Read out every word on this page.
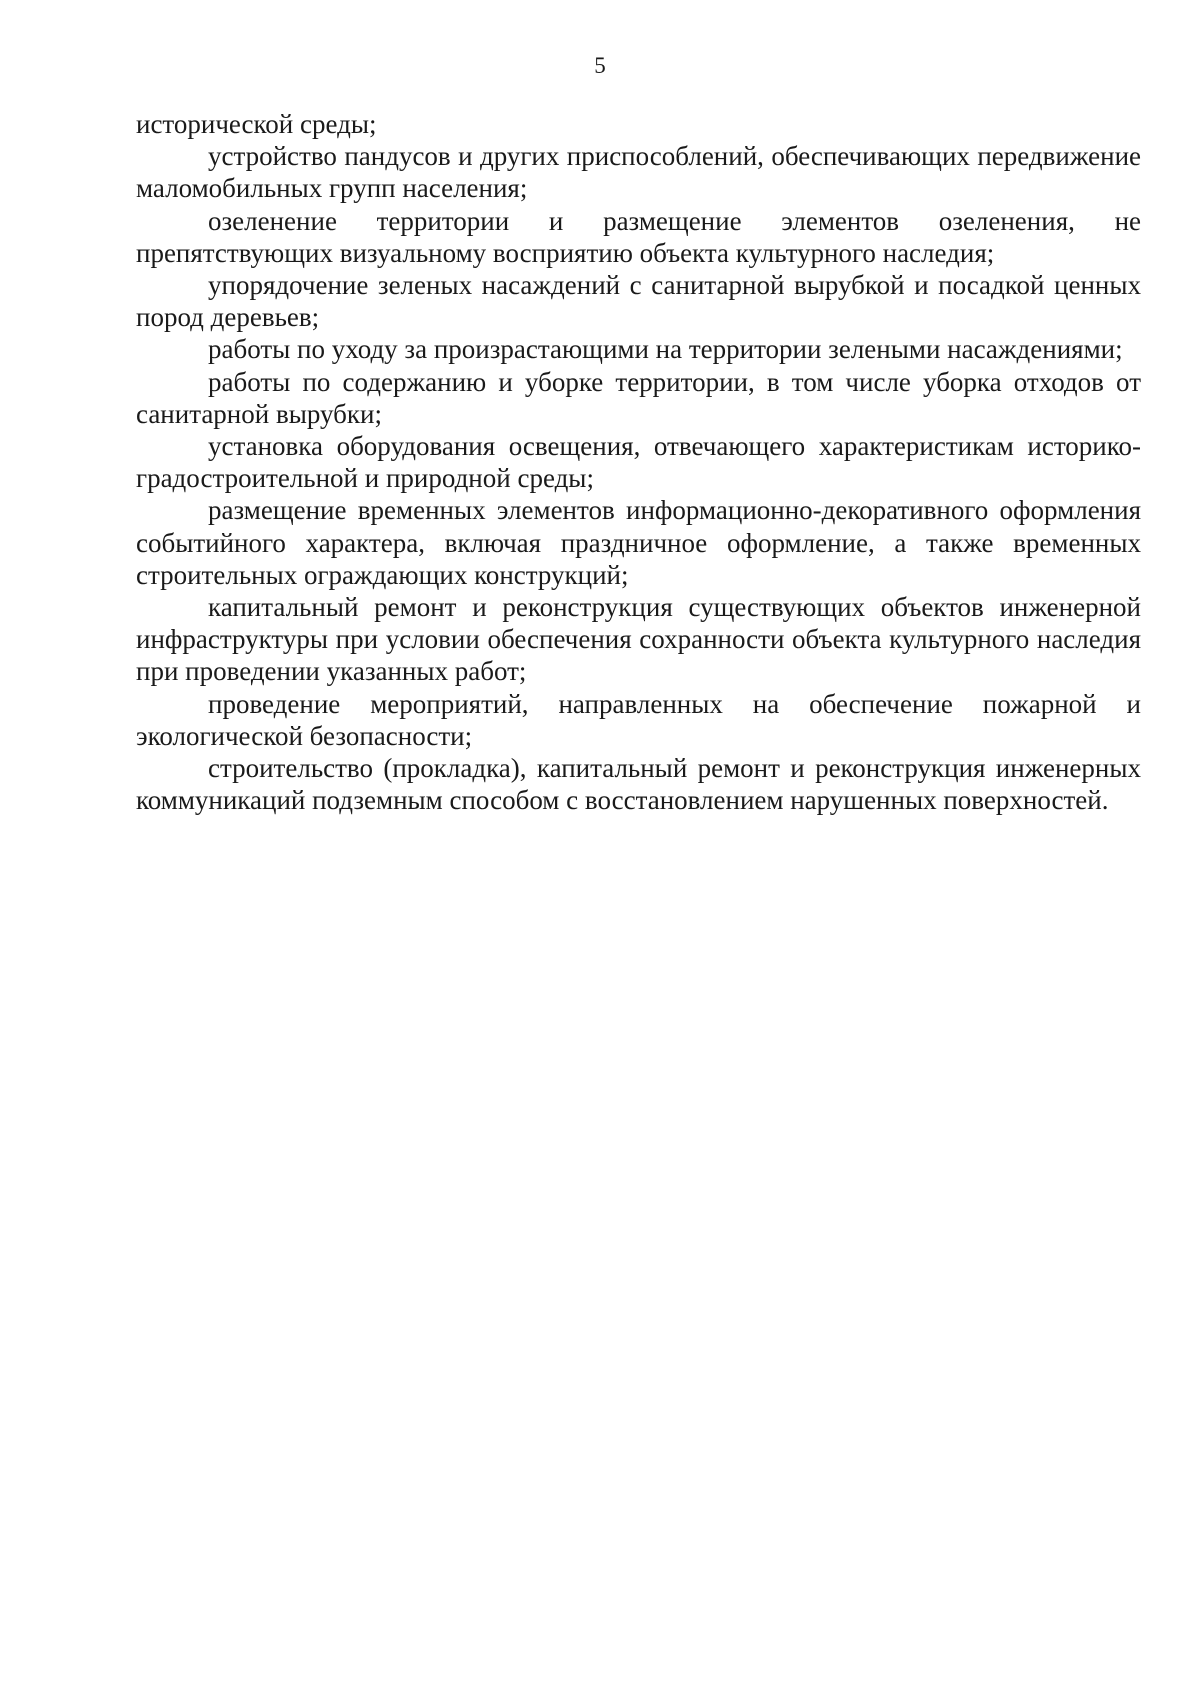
5

исторической среды;

устройство пандусов и других приспособлений, обеспечивающих передвижение маломобильных групп населения;

озеленение территории и размещение элементов озеленения, не препятствующих визуальному восприятию объекта культурного наследия;

упорядочение зеленых насаждений с санитарной вырубкой и посадкой ценных пород деревьев;

работы по уходу за произрастающими на территории зелеными насаждениями;

работы по содержанию и уборке территории, в том числе уборка отходов от санитарной вырубки;

установка оборудования освещения, отвечающего характеристикам историко-градостроительной и природной среды;

размещение временных элементов информационно-декоративного оформления событийного характера, включая праздничное оформление, а также временных строительных ограждающих конструкций;

капитальный ремонт и реконструкция существующих объектов инженерной инфраструктуры при условии обеспечения сохранности объекта культурного наследия при проведении указанных работ;

проведение мероприятий, направленных на обеспечение пожарной и экологической безопасности;

строительство (прокладка), капитальный ремонт и реконструкция инженерных коммуникаций подземным способом с восстановлением нарушенных поверхностей.
